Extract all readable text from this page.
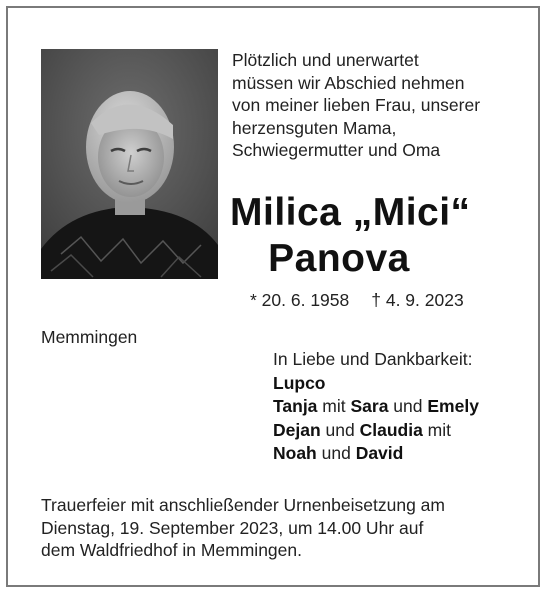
Plötzlich und unerwartet
müssen wir Abschied nehmen
von meiner lieben Frau, unserer
herzensguten Mama,
Schwiegermutter und Oma
Milica „Mici“
Panova
* 20. 6. 1958 † 4. 9. 2023
Memmingen
In Liebe und Dankbarkeit:
Lupco
Tanja mit Sara und Emely
Dejan und Claudia mit
Noah und David
Trauerfeier mit anschließender Urnenbeisetzung am
Dienstag, 19. September 2023, um 14.00 Uhr auf
dem Waldfriedhof in Memmingen.
